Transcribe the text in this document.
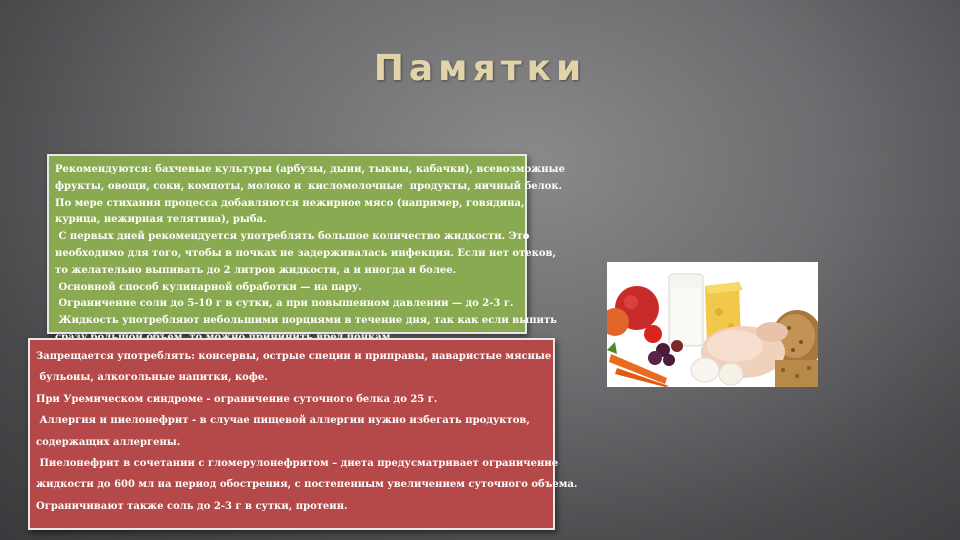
Памятки
Рекомендуются: бахчевые культуры (арбузы, дыни, тыквы, кабачки), всевозможные
фрукты, овощи, соки, компоты, молоко и  кисломолочные  продукты, яичный белок.
По мере стихания процесса добавляются нежирное мясо (например, говядина,
курица, нежирная телятина), рыба.
С первых дней рекомендуется употреблять большое количество жидкости. Это
необходимо для того, чтобы в почках не задерживалась инфекция. Если нет отеков,
то желательно выпивать до 2 литров жидкости, а и иногда и более.
Основной способ кулинарной обработки — на пару.
Ограничение соли до 5-10 г в сутки, а при повышенном давлении — до 2-3 г.
Жидкость употребляют небольшими порциями в течение дня, так как если выпить
Запрещается употреблять: консервы, острые специи и приправы, наваристые мясные
бульоны, алкогольные напитки, кофе.
При Уремическом синдроме - ограничение суточного белка до 25 г.
Аллергия и пиелонефрит - в случае пищевой аллергии нужно избегать продуктов,
содержащих аллергены.
Пиелонефрит в сочетании с гломерулонефритом – диета предусматривает ограничение
жидкости до 600 мл на период обострения, с постепенным увеличением суточного объема.
Ограничивают также соль до 2-3 г в сутки, протеин.
